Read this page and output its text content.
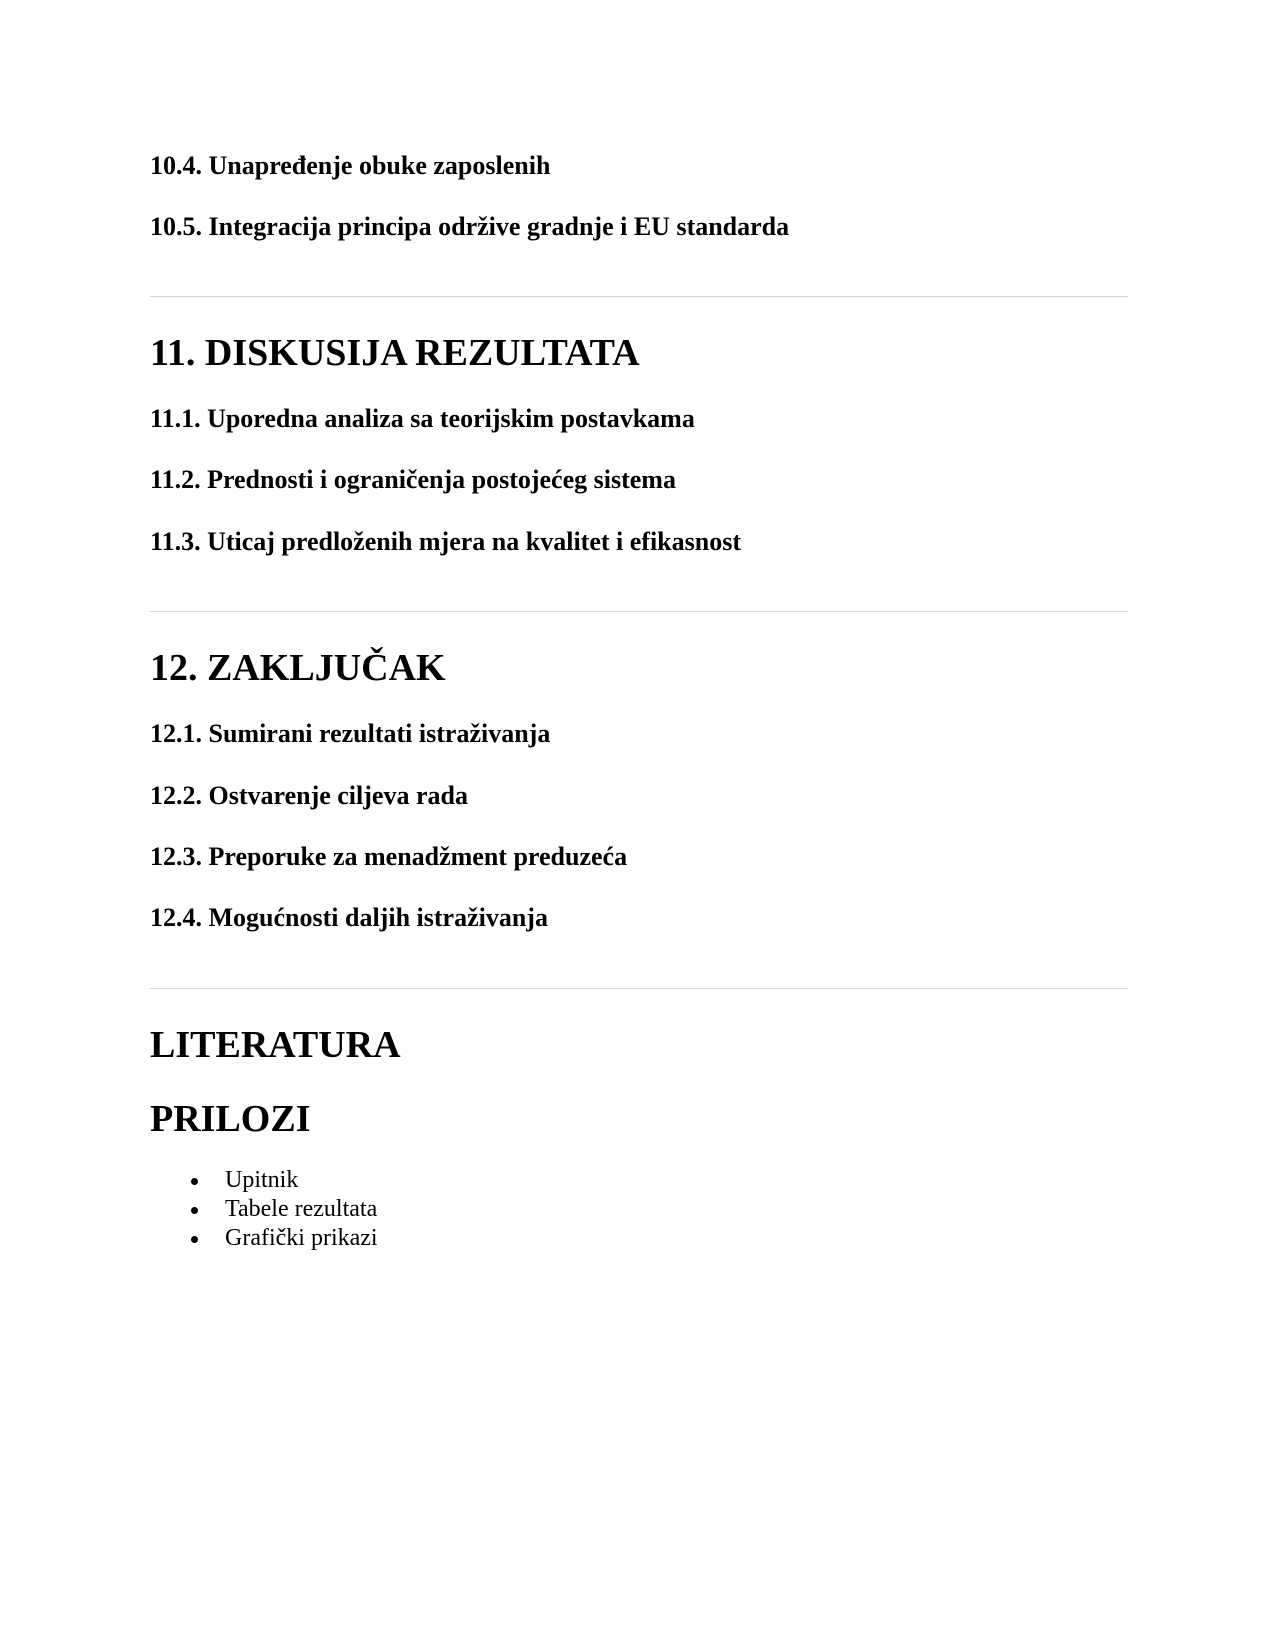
10.4. Unapređenje obuke zaposlenih
10.5. Integracija principa održive gradnje i EU standarda
11. DISKUSIJA REZULTATA
11.1. Uporedna analiza sa teorijskim postavkama
11.2. Prednosti i ograničenja postojećeg sistema
11.3. Uticaj predloženih mjera na kvalitet i efikasnost
12. ZAKLJUČAK
12.1. Sumirani rezultati istraživanja
12.2. Ostvarenje ciljeva rada
12.3. Preporuke za menadžment preduzeća
12.4. Mogućnosti daljih istraživanja
LITERATURA
PRILOZI
Upitnik
Tabele rezultata
Grafički prikazi
